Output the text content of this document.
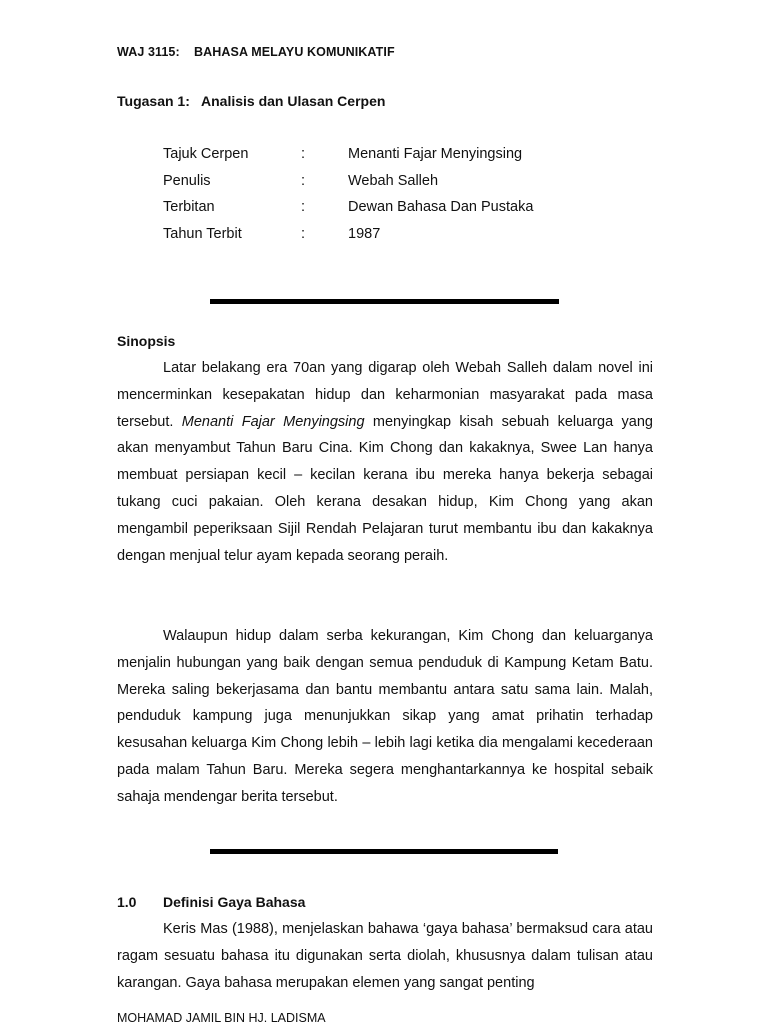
WAJ 3115:    BAHASA MELAYU KOMUNIKATIF
Tugasan 1:   Analisis dan Ulasan Cerpen
Tajuk Cerpen	:	Menanti Fajar Menyingsing
Penulis	:	Webah Salleh
Terbitan	:	Dewan Bahasa Dan Pustaka
Tahun Terbit	:	1987
Sinopsis

Latar belakang era 70an yang digarap oleh Webah Salleh dalam novel ini mencerminkan kesepakatan hidup dan keharmonian masyarakat pada masa tersebut. Menanti Fajar Menyingsing menyingkap kisah sebuah keluarga yang akan menyambut Tahun Baru Cina. Kim Chong dan kakaknya, Swee Lan hanya membuat persiapan kecil – kecilan kerana ibu mereka hanya bekerja sebagai tukang cuci pakaian. Oleh kerana desakan hidup, Kim Chong yang akan mengambil peperiksaan Sijil Rendah Pelajaran turut membantu ibu dan kakaknya dengan menjual telur ayam kepada seorang peraih.

Walaupun hidup dalam serba kekurangan, Kim Chong dan keluarganya menjalin hubungan yang baik dengan semua penduduk di Kampung Ketam Batu. Mereka saling bekerjasama dan bantu membantu antara satu sama lain. Malah, penduduk kampung juga menunjukkan sikap yang amat prihatin terhadap kesusahan keluarga Kim Chong lebih – lebih lagi ketika dia mengalami kecederaan pada malam Tahun Baru. Mereka segera menghantarkannya ke hospital sebaik sahaja mendengar berita tersebut.

1.0 Definisi Gaya Bahasa

Keris Mas (1988), menjelaskan bahawa ‘gaya bahasa’ bermaksud cara atau ragam sesuatu bahasa itu digunakan serta diolah, khususnya dalam tulisan atau karangan. Gaya bahasa merupakan elemen yang sangat penting

MOHAMAD JAMIL BIN HJ. LADISMA
